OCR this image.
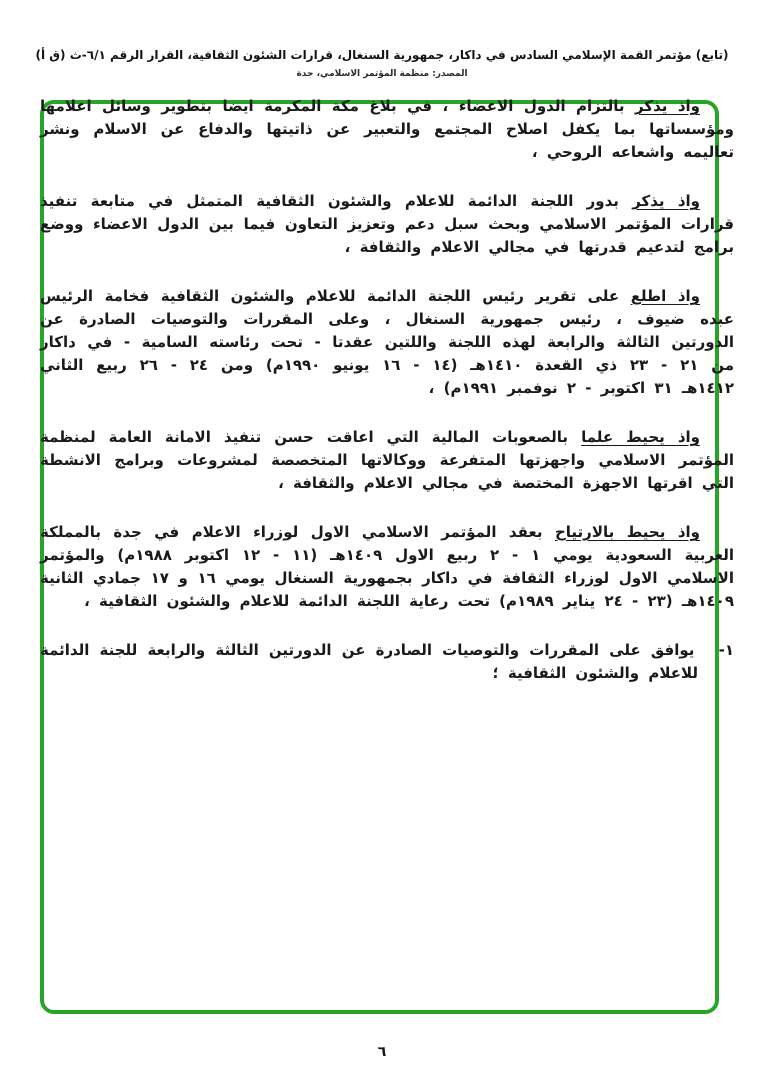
(تابع) مؤتمر القمة الإسلامي السادس في داكار، جمهورية السنغال، قرارات الشئون الثقافية، القرار الرقم ٦/١-ث (ق أ)
المصدر: منظمة المؤتمر الاسلامي، جدة

واذ يذكر بالتزام الدول الاعضاء ، في بلاغ مكة المكرمة ايضا بتطوير وسائل اعلامها ومؤسساتها بما يكفل اصلاح المجتمع والتعبير عن ذاتيتها والدفاع عن الاسلام ونشر تعاليمه واشعاعه الروحي ،

واذ يذكر بدور اللجنة الدائمة للاعلام والشئون الثقافية المتمثل في متابعة تنفيذ قرارات المؤتمر الاسلامي وبحث سبل دعم وتعزيز التعاون فيما بين الدول الاعضاء ووضع برامج لتدعيم قدرتها في مجالي الاعلام والثقافة ،

واذ اطلع على تقرير رئيس اللجنة الدائمة للاعلام والشئون الثقافية فخامة الرئيس عبده ضيوف ، رئيس جمهورية السنغال ، وعلى المقررات والتوصيات الصادرة عن الدورتين الثالثة والرابعة لهذه اللجنة واللتين عقدتا - تحت رئاسته السامية - في داكار من ٢١ - ٢٣ ذي القعدة ١٤١٠هـ (١٤ - ١٦ يونيو ١٩٩٠م) ومن ٢٤ - ٢٦ ربيع الثاني ١٤١٢هـ ٣١ اكتوبر - ٢ نوفمبر ١٩٩١م) ،

واذ يحيط علما بالصعوبات المالية التي اعاقت حسن تنفيذ الامانة العامة لمنظمة المؤتمر الاسلامي واجهزتها المتفرعة ووكالاتها المتخصصة لمشروعات وبرامج الانشطة التي اقرتها الاجهزة المختصة في مجالي الاعلام والثقافة ،

واذ يحيط بالارتياح بعقد المؤتمر الاسلامي الاول لوزراء الاعلام في جدة بالمملكة العربية السعودية يومي ١ - ٢ ربيع الاول ١٤٠٩هـ (١١ - ١٢ اكتوبر ١٩٨٨م) والمؤتمر الاسلامي الاول لوزراء الثقافة في داكار بجمهورية السنغال يومي ١٦ و ١٧ جمادي الثانية ١٤٠٩هـ (٢٣ - ٢٤ يناير ١٩٨٩م) تحت رعاية اللجنة الدائمة للاعلام والشئون الثقافية ،

١- يوافق على المقررات والتوصيات الصادرة عن الدورتين الثالثة والرابعة للجنة الدائمة للاعلام والشئون الثقافية ؛

٦
